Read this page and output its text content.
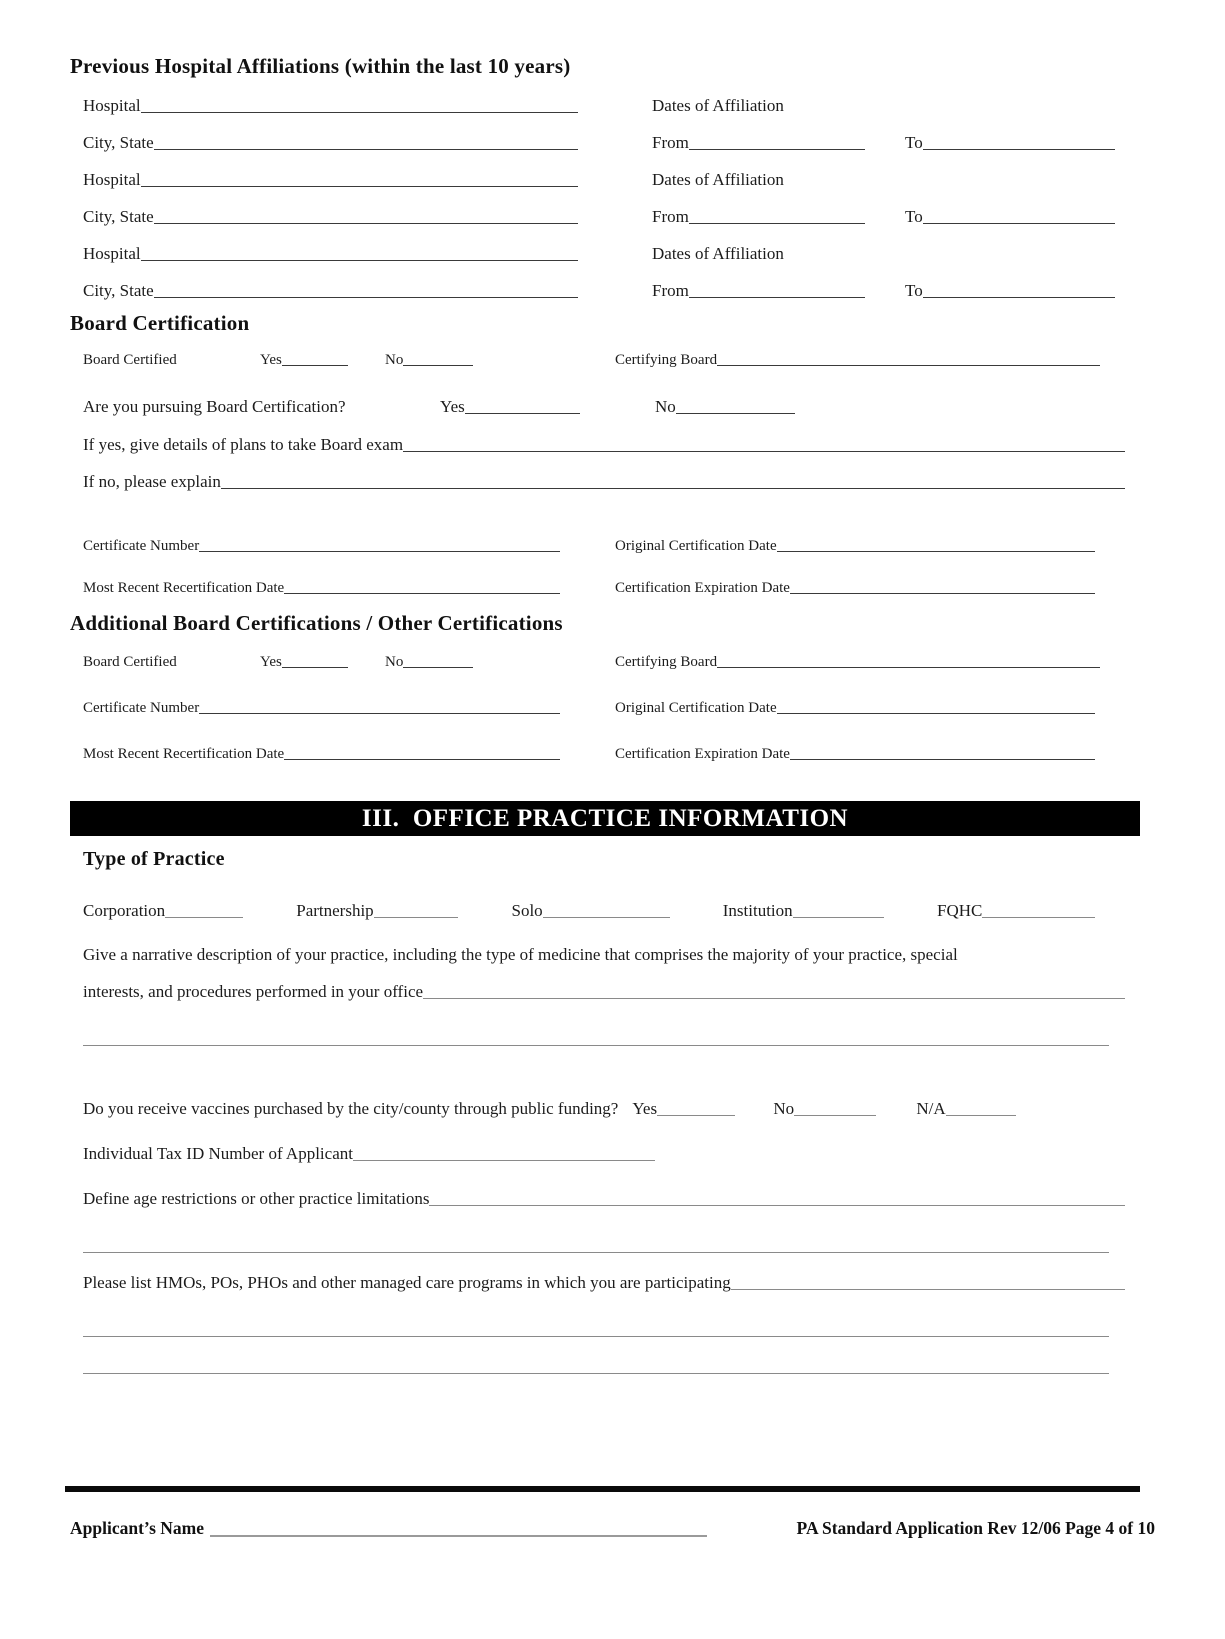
Previous Hospital Affiliations (within the last 10 years)
Hospital	Dates of Affiliation
City, State	From	To
Hospital	Dates of Affiliation
City, State	From	To
Hospital	Dates of Affiliation
City, State	From	To
Board Certification
Board Certified	Yes	No	Certifying Board
Are you pursuing Board Certification?	Yes	No
If yes, give details of plans to take Board exam
If no, please explain
Certificate Number	Original Certification Date
Most Recent Recertification Date	Certification Expiration Date
Additional Board Certifications / Other Certifications
Board Certified	Yes	No	Certifying Board
Certificate Number	Original Certification Date
Most Recent Recertification Date	Certification Expiration Date
III.  OFFICE PRACTICE INFORMATION
Type of Practice
Corporation	Partnership	Solo	Institution	FQHC

Give a narrative description of your practice, including the type of medicine that comprises the majority of your practice, special

interests, and procedures performed in your office
Do you receive vaccines purchased by the city/county through public funding? Yes	No	N/A
Individual Tax ID Number of Applicant
Define age restrictions or other practice limitations
Please list HMOs, POs, PHOs and other managed care programs in which you are participating
Applicant’s Name	PA Standard Application Rev 12/06 Page 4 of 10
